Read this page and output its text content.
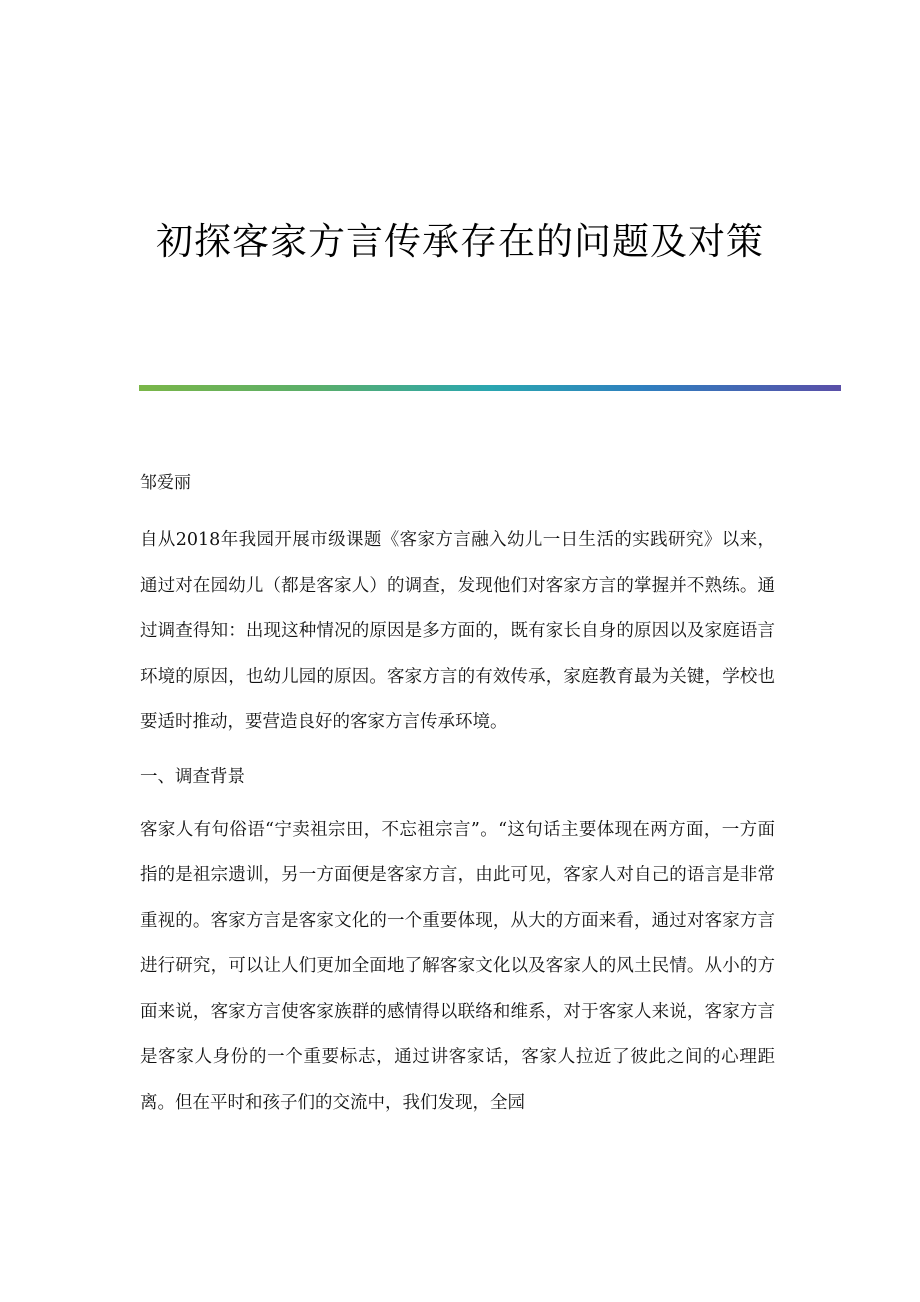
初探客家方言传承存在的问题及对策
邹爱丽

自从2018年我园开展市级课题《客家方言融入幼儿一日生活的实践研究》以来，通过对在园幼儿（都是客家人）的调查，发现他们对客家方言的掌握并不熟练。通过调查得知：出现这种情况的原因是多方面的，既有家长自身的原因以及家庭语言环境的原因，也幼儿园的原因。客家方言的有效传承，家庭教育最为关键，学校也要适时推动，要营造良好的客家方言传承环境。

一、调查背景

客家人有句俗语“宁卖祖宗田，不忘祖宗言”。“这句话主要体现在两方面，一方面指的是祖宗遗训，另一方面便是客家方言，由此可见，客家人对自己的语言是非常重视的。客家方言是客家文化的一个重要体现，从大的方面来看，通过对客家方言进行研究，可以让人们更加全面地了解客家文化以及客家人的风土民情。从小的方面来说，客家方言使客家族群的感情得以联络和维系，对于客家人来说，客家方言是客家人身份的一个重要标志，通过讲客家话，客家人拉近了彼此之间的心理距离。但在平时和孩子们的交流中，我们发现，全园
